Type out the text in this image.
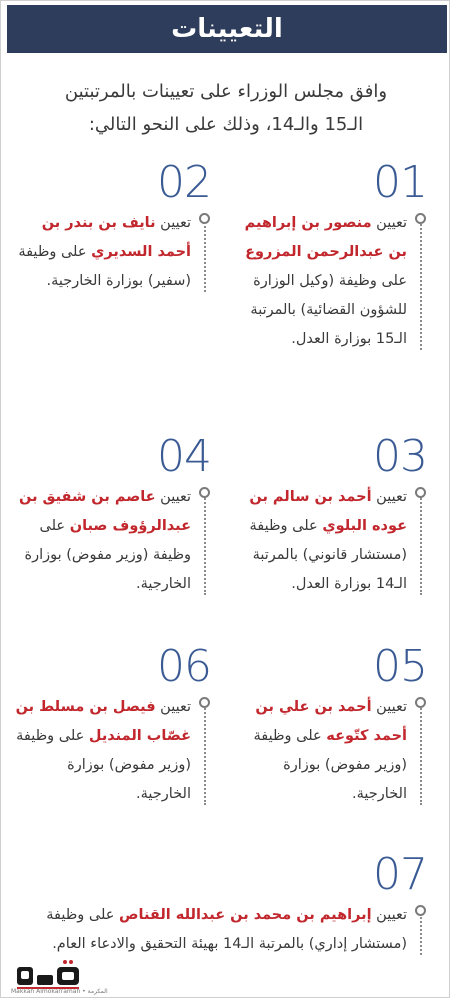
التعيينات
وافق مجلس الوزراء على تعيينات بالمرتبتين
الـ15 والـ14، وذلك على النحو التالي:
01
تعيين منصور بن إبراهيم بن عبدالرحمن المزروع على وظيفة (وكيل الوزارة للشؤون القضائية) بالمرتبة الـ15 بوزارة العدل.
02
تعيين نايف بن بندر بن أحمد السديري على وظيفة (سفير) بوزارة الخارجية.
03
تعيين أحمد بن سالم بن عوده البلوي على وظيفة (مستشار قانوني) بالمرتبة الـ14 بوزارة العدل.
04
تعيين عاصم بن شفيق بن عبدالرؤوف صبان على وظيفة (وزير مفوض) بوزارة الخارجية.
05
تعيين أحمد بن علي بن أحمد كتّوعه على وظيفة (وزير مفوض) بوزارة الخارجية.
06
تعيين فيصل بن مسلط بن غصّاب المنديل على وظيفة (وزير مفوض) بوزارة الخارجية.
07
تعيين إبراهيم بن محمد بن عبدالله القناص على وظيفة (مستشار إداري) بالمرتبة الـ14 بهيئة التحقيق والادعاء العام.
Makkah Almokarramah • المكرمة
